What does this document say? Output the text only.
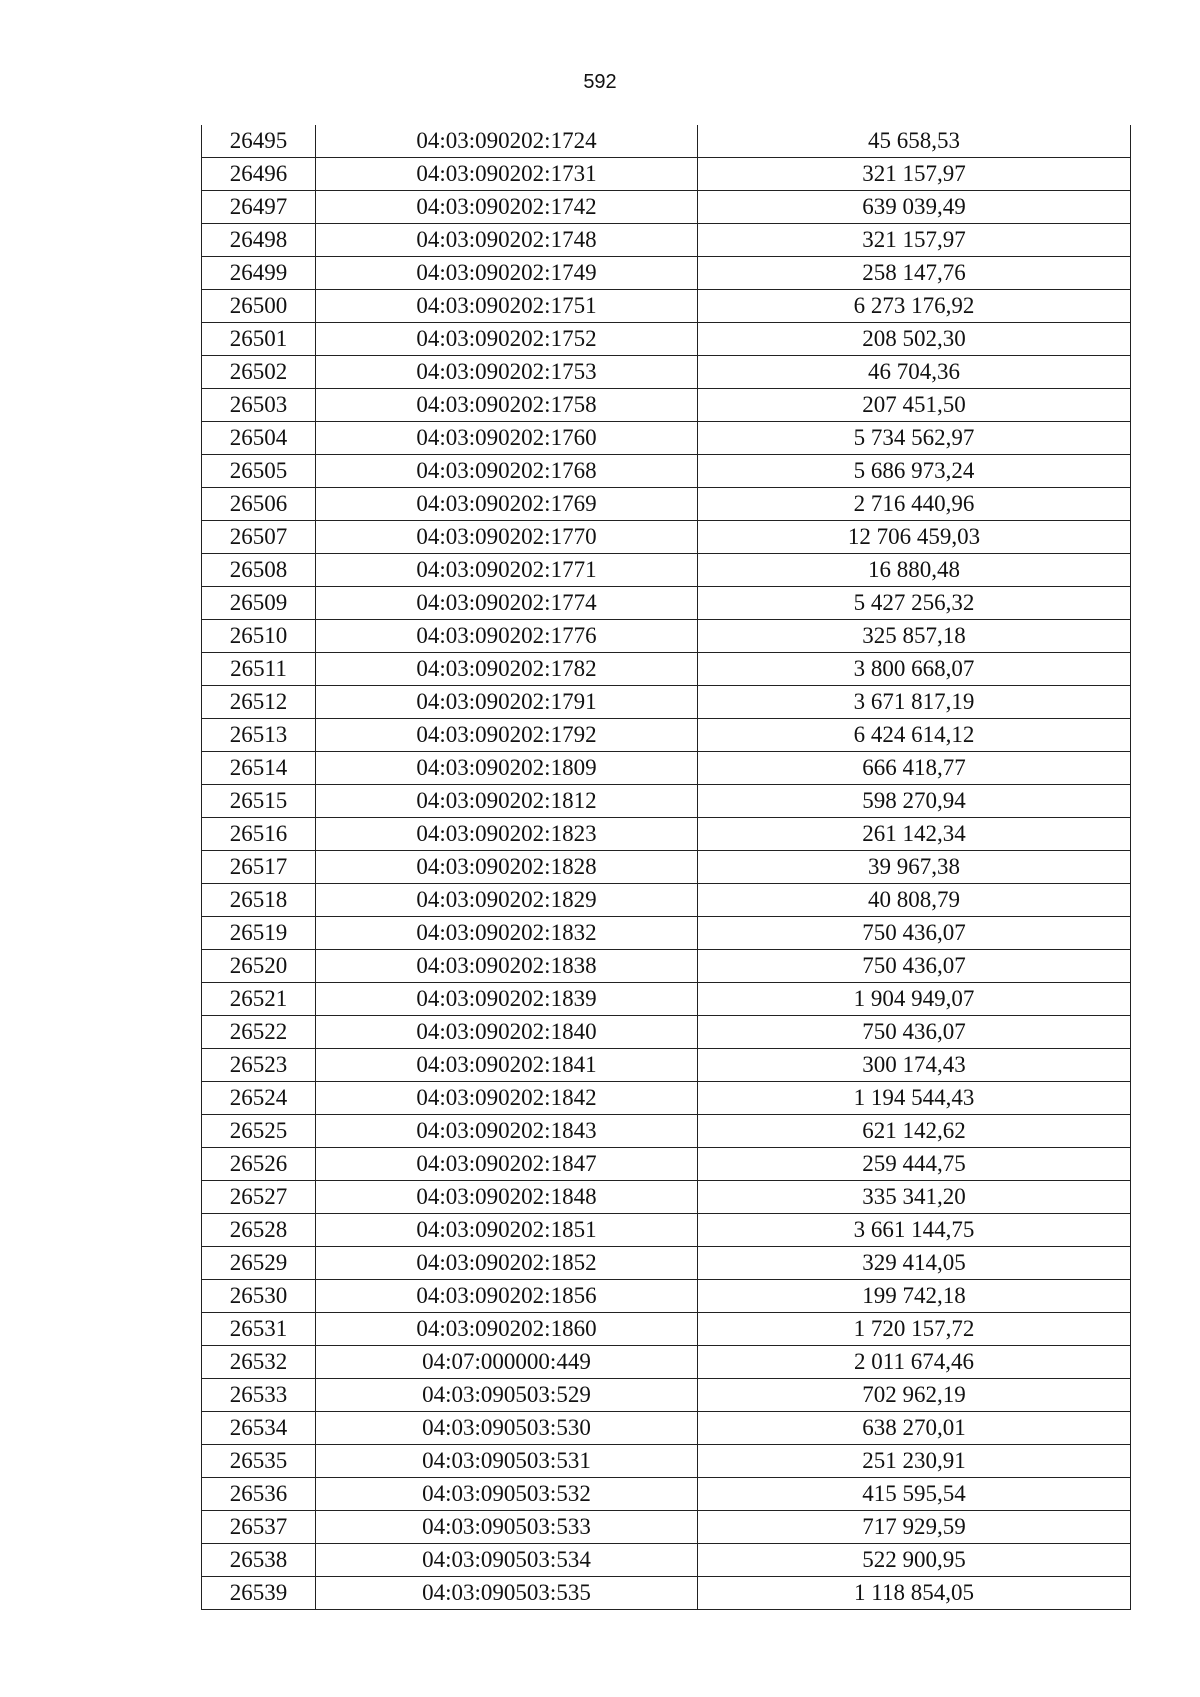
592
26495	04:03:090202:1724	45 658,53
26496	04:03:090202:1731	321 157,97
26497	04:03:090202:1742	639 039,49
26498	04:03:090202:1748	321 157,97
26499	04:03:090202:1749	258 147,76
26500	04:03:090202:1751	6 273 176,92
26501	04:03:090202:1752	208 502,30
26502	04:03:090202:1753	46 704,36
26503	04:03:090202:1758	207 451,50
26504	04:03:090202:1760	5 734 562,97
26505	04:03:090202:1768	5 686 973,24
26506	04:03:090202:1769	2 716 440,96
26507	04:03:090202:1770	12 706 459,03
26508	04:03:090202:1771	16 880,48
26509	04:03:090202:1774	5 427 256,32
26510	04:03:090202:1776	325 857,18
26511	04:03:090202:1782	3 800 668,07
26512	04:03:090202:1791	3 671 817,19
26513	04:03:090202:1792	6 424 614,12
26514	04:03:090202:1809	666 418,77
26515	04:03:090202:1812	598 270,94
26516	04:03:090202:1823	261 142,34
26517	04:03:090202:1828	39 967,38
26518	04:03:090202:1829	40 808,79
26519	04:03:090202:1832	750 436,07
26520	04:03:090202:1838	750 436,07
26521	04:03:090202:1839	1 904 949,07
26522	04:03:090202:1840	750 436,07
26523	04:03:090202:1841	300 174,43
26524	04:03:090202:1842	1 194 544,43
26525	04:03:090202:1843	621 142,62
26526	04:03:090202:1847	259 444,75
26527	04:03:090202:1848	335 341,20
26528	04:03:090202:1851	3 661 144,75
26529	04:03:090202:1852	329 414,05
26530	04:03:090202:1856	199 742,18
26531	04:03:090202:1860	1 720 157,72
26532	04:07:000000:449	2 011 674,46
26533	04:03:090503:529	702 962,19
26534	04:03:090503:530	638 270,01
26535	04:03:090503:531	251 230,91
26536	04:03:090503:532	415 595,54
26537	04:03:090503:533	717 929,59
26538	04:03:090503:534	522 900,95
26539	04:03:090503:535	1 118 854,05
